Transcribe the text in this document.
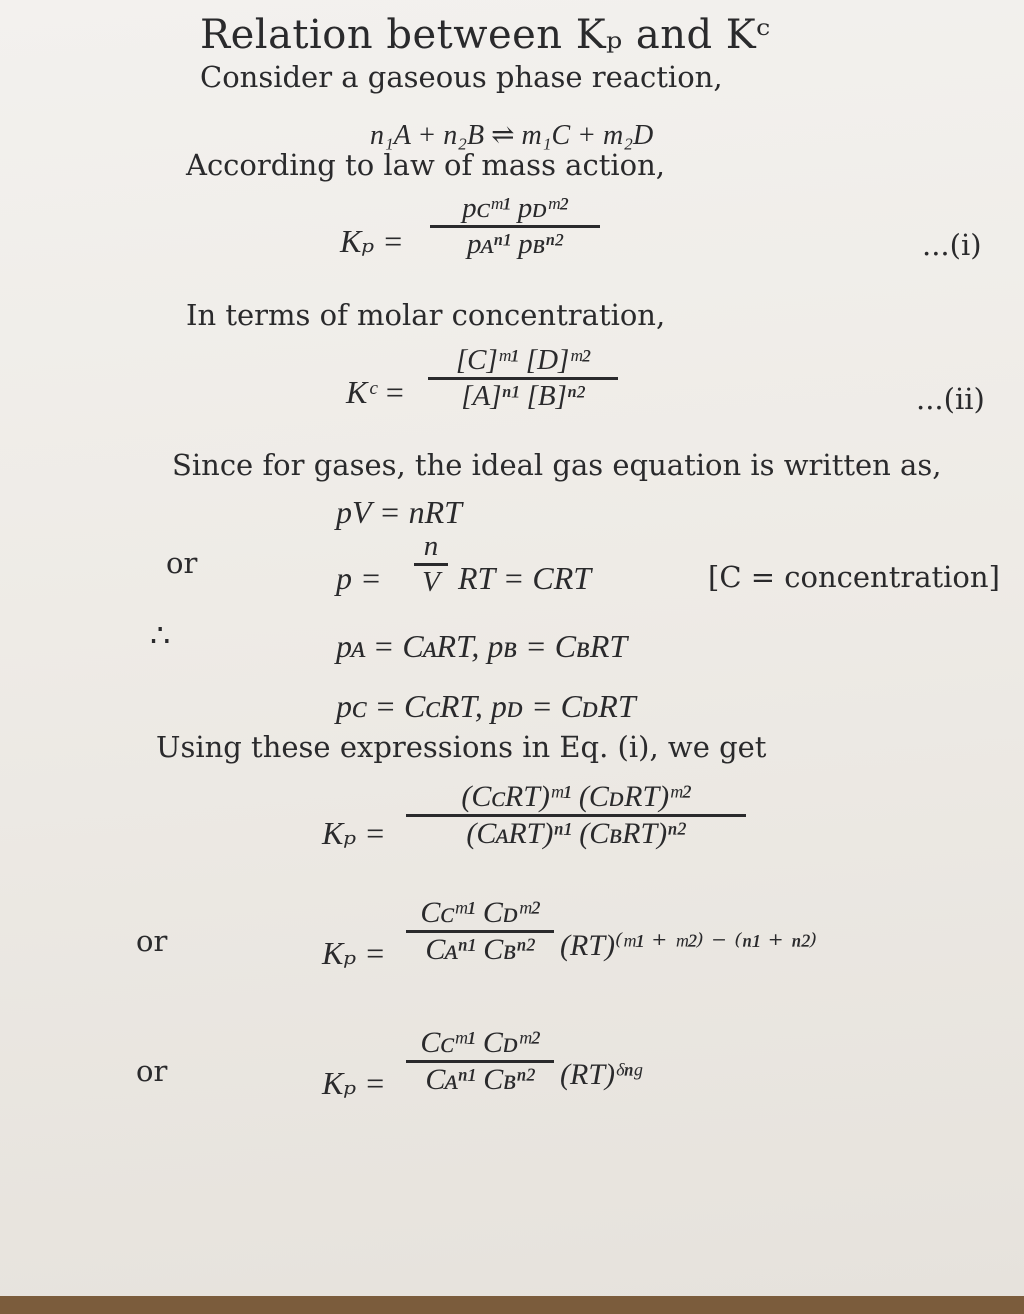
Relation between Kₚ and Kᶜ
Consider a gaseous phase reaction,
n₁A + n₂B ⇌ m₁C + m₂D
According to law of mass action,
Kₚ =
pᴄᵐ¹ pᴅᵐ²
pᴀⁿ¹ pʙⁿ²	...(i)
In terms of molar concentration,
Kᶜ =
[C]ᵐ¹ [D]ᵐ²
[A]ⁿ¹ [B]ⁿ²	...(ii)
Since for gases, the ideal gas equation is written as,
pV = nRT
or	p =
n
V RT = CRT	[C = concentration]
∴	pᴀ = CᴀRT, pʙ = CʙRT
pᴄ = CᴄRT, pᴅ = CᴅRT
Using these expressions in Eq. (i), we get
Kₚ =
(CᴄRT)ᵐ¹ (CᴅRT)ᵐ²
(CᴀRT)ⁿ¹ (CʙRT)ⁿ²
or	Kₚ =
Cᴄᵐ¹ Cᴅᵐ²
Cᴀⁿ¹ Cʙⁿ² (RT)⁽ᵐ¹ ⁺ ᵐ²⁾ ⁻ ⁽ⁿ¹ ⁺ ⁿ²⁾
or	Kₚ =
Cᴄᵐ¹ Cᴅᵐ²
Cᴀⁿ¹ Cʙⁿ² (RT)ᵟⁿᵍ
